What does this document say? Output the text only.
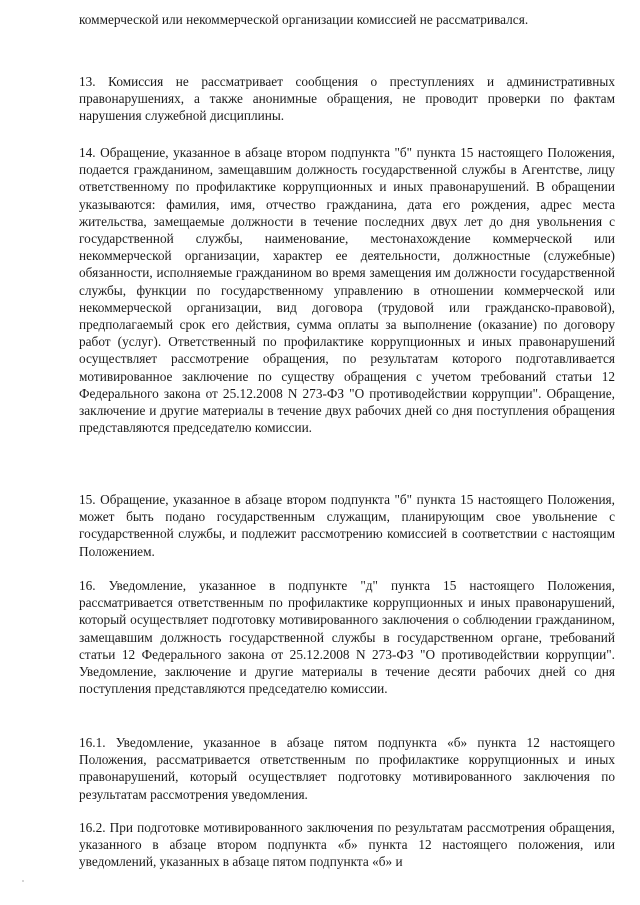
коммерческой или некоммерческой организации комиссией не рассматривался.

13. Комиссия не рассматривает сообщения о преступлениях и административных правонарушениях, а также анонимные обращения, не проводит проверки по фактам нарушения служебной дисциплины.

14. Обращение, указанное в абзаце втором подпункта "б" пункта 15 настоящего Положения, подается гражданином, замещавшим должность государственной службы в Агентстве, лицу ответственному по профилактике коррупционных и иных правонарушений. В обращении указываются: фамилия, имя, отчество гражданина, дата его рождения, адрес места жительства, замещаемые должности в течение последних двух лет до дня увольнения с государственной службы, наименование, местонахождение коммерческой или некоммерческой организации, характер ее деятельности, должностные (служебные) обязанности, исполняемые гражданином во время замещения им должности государственной службы, функции по государственному управлению в отношении коммерческой или некоммерческой организации, вид договора (трудовой или гражданско-правовой), предполагаемый срок его действия, сумма оплаты за выполнение (оказание) по договору работ (услуг). Ответственный по профилактике коррупционных и иных правонарушений осуществляет рассмотрение обращения, по результатам которого подготавливается мотивированное заключение по существу обращения с учетом требований статьи 12 Федерального закона от 25.12.2008 N 273-ФЗ "О противодействии коррупции". Обращение, заключение и другие материалы в течение двух рабочих дней со дня поступления обращения представляются председателю комиссии.

15. Обращение, указанное в абзаце втором подпункта "б" пункта 15 настоящего Положения, может быть подано государственным служащим, планирующим свое увольнение с государственной службы, и подлежит рассмотрению комиссией в соответствии с настоящим Положением.

16. Уведомление, указанное в подпункте "д" пункта 15 настоящего Положения, рассматривается ответственным по профилактике коррупционных и иных правонарушений, который осуществляет подготовку мотивированного заключения о соблюдении гражданином, замещавшим должность государственной службы в государственном органе, требований статьи 12 Федерального закона от 25.12.2008 N 273-ФЗ "О противодействии коррупции". Уведомление, заключение и другие материалы в течение десяти рабочих дней со дня поступления представляются председателю комиссии.

16.1. Уведомление, указанное в абзаце пятом подпункта «б» пункта 12 настоящего Положения, рассматривается ответственным по профилактике коррупционных и иных правонарушений, который осуществляет подготовку мотивированного заключения по результатам рассмотрения уведомления.

16.2. При подготовке мотивированного заключения по результатам рассмотрения обращения, указанного в абзаце втором подпункта «б» пункта 12 настоящего положения, или уведомлений, указанных в абзаце пятом подпункта «б» и
